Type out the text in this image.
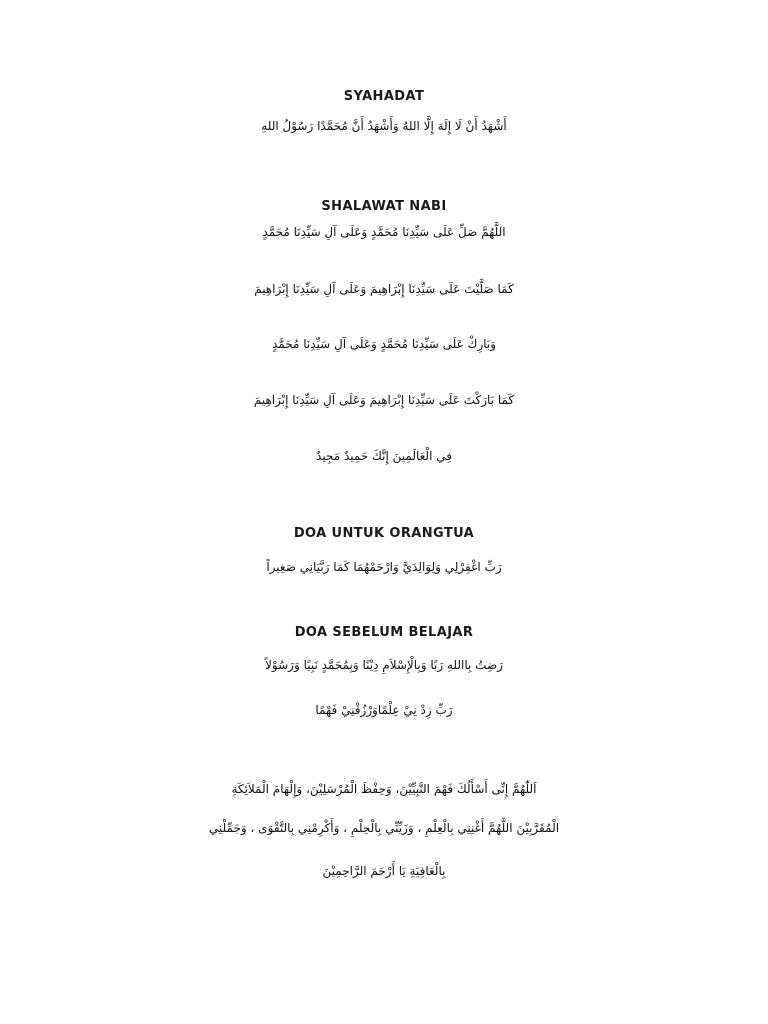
SYAHADAT
أَشْهَدُ أَنْ لَا إِلَهَ إِلَّا اللهُ وَأَشْهَدُ أَنَّ مُحَمَّدًا رَسُوْلُ اللهِ
SHALAWAT NABI
اللَّهُمَّ صَلِّ عَلَى سَيِّدِنَا مُحَمَّدٍ وَعَلَى آلِ سَيِّدِنَا مُحَمَّدٍ
كَمَا صَلَّيْتَ عَلَى سَيِّدِنَا إِبْرَاهِيمَ وَعَلَى آلِ سَيِّدِنَا إِبْرَاهِيمَ
وَبَارِكْ عَلَى سَيِّدِنَا مُحَمَّدٍ وَعَلَى آلِ سَيِّدِنَا مُحَمَّدٍ
كَمَا بَارَكْتَ عَلَى سَيِّدِنَا إِبْرَاهِيمَ وَعَلَى آلِ سَيِّدِنَا إِبْرَاهِيمَ
فِي الْعَالَمِينَ إِنَّكَ حَمِيدٌ مَجِيدٌ
DOA UNTUK ORANGTUA
رَبِّ اغْفِرْلِي وَلِوَالِدَيَّ وَارْحَمْهُمَا كَمَا رَبَّيَانِي صَغِيراً
DOA SEBELUM BELAJAR
رَضِتُ بِااللهِ رَبًا وَبِالْإِسْلاَمِ دِيْنًا وَبِمُحَمَّدٍ نَبِيًا وَرَسُوْلاً
رَبِّ زِدْ نِيْ عِلْمًاوَرْزُقْنِيْ فَهْمًا
اَللّٰهُمَّ إِنِّى أَسْأَلُكَ فَهْمَ النَّبِيِّيْنَ، وَحِفْظَ الْمُرْسَلِيْنَ، وَإِلْهَامَ الْمَلاَئِكَةِ
الْمُقَرَّبِيْنَ اللَّهُمَّ أَغْنِنِي بِالْعِلْمِ ، وَزَيِّنِّي بِالْحِلْمِ ، وَأَكْرِمْنِي بِالتَّقْوَى ، وَجَمِّلْنِي
بِالْعَافِيَةِ يَا أَرْحَمَ الرَّاحِمِيْنَ
